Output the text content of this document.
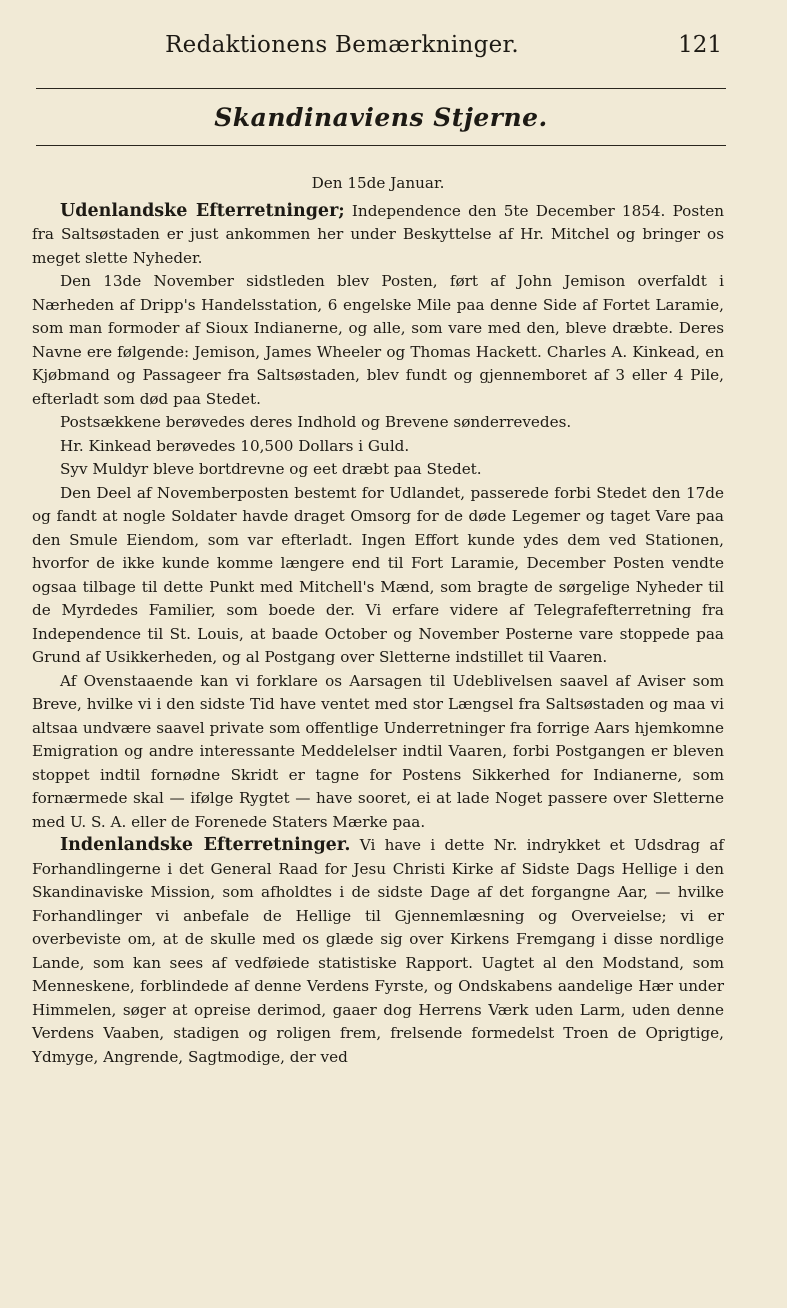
Redaktionens Bemærkninger.	121
Skandinaviens Stjerne.
Den 15de Januar.

Udenlandske Efterretninger; Independence den 5te December 1854. Posten fra Saltsøstaden er just ankommen her under Beskyttelse af Hr. Mitchel og bringer os meget slette Nyheder.

Den 13de November sidstleden blev Posten, ført af John Jemison overfaldt i Nærheden af Dripp's Handelsstation, 6 engelske Mile paa denne Side af Fortet Laramie, som man formoder af Sioux Indianerne, og alle, som vare med den, bleve dræbte. Deres Navne ere følgende: Jemison, James Wheeler og Thomas Hackett. Charles A. Kinkead, en Kjøbmand og Passageer fra Saltsøstaden, blev fundt og gjennemboret af 3 eller 4 Pile, efterladt som død paa Stedet.

Postsækkene berøvedes deres Indhold og Brevene sønderrevedes.

Hr. Kinkead berøvedes 10,500 Dollars i Guld.

Syv Muldyr bleve bortdrevne og eet dræbt paa Stedet.

Den Deel af Novemberposten bestemt for Udlandet, passerede forbi Stedet den 17de og fandt at nogle Soldater havde draget Omsorg for de døde Legemer og taget Vare paa den Smule Eiendom, som var efterladt. Ingen Effort kunde ydes dem ved Stationen, hvorfor de ikke kunde komme længere end til Fort Laramie, December Posten vendte ogsaa tilbage til dette Punkt med Mitchell's Mænd, som bragte de sørgelige Nyheder til de Myrdedes Familier, som boede der. Vi erfare videre af Telegrafefterretning fra Independence til St. Louis, at baade October og November Posterne vare stoppede paa Grund af Usikkerheden, og al Postgang over Sletterne indstillet til Vaaren.

Af Ovenstaaende kan vi forklare os Aarsagen til Udeblivelsen saavel af Aviser som Breve, hvilke vi i den sidste Tid have ventet med stor Længsel fra Saltsøstaden og maa vi altsaa undvære saavel private som offentlige Underretninger fra forrige Aars hjemkomne Emigration og andre interessante Meddelelser indtil Vaaren, forbi Postgangen er bleven stoppet indtil fornødne Skridt er tagne for Postens Sikkerhed for Indianerne, som fornærmede skal — ifølge Rygtet — have sooret, ei at lade Noget passere over Sletterne med U. S. A. eller de Forenede Staters Mærke paa.

Indenlandske Efterretninger. Vi have i dette Nr. indrykket et Udsdrag af Forhandlingerne i det General Raad for Jesu Christi Kirke af Sidste Dags Hellige i den Skandinaviske Mission, som afholdtes i de sidste Dage af det forgangne Aar, — hvilke Forhandlinger vi anbefale de Hellige til Gjennemlæsning og Overveielse; vi er overbeviste om, at de skulle med os glæde sig over Kirkens Fremgang i disse nordlige Lande, som kan sees af vedføiede statistiske Rapport. Uagtet al den Modstand, som Menneskene, forblindede af denne Verdens Fyrste, og Ondskabens aandelige Hær under Himmelen, søger at opreise derimod, gaaer dog Herrens Værk uden Larm, uden denne Verdens Vaaben, stadigen og roligen frem, frelsende formedelst Troen de Oprigtige, Ydmyge, Angrende, Sagtmodige, der ved
